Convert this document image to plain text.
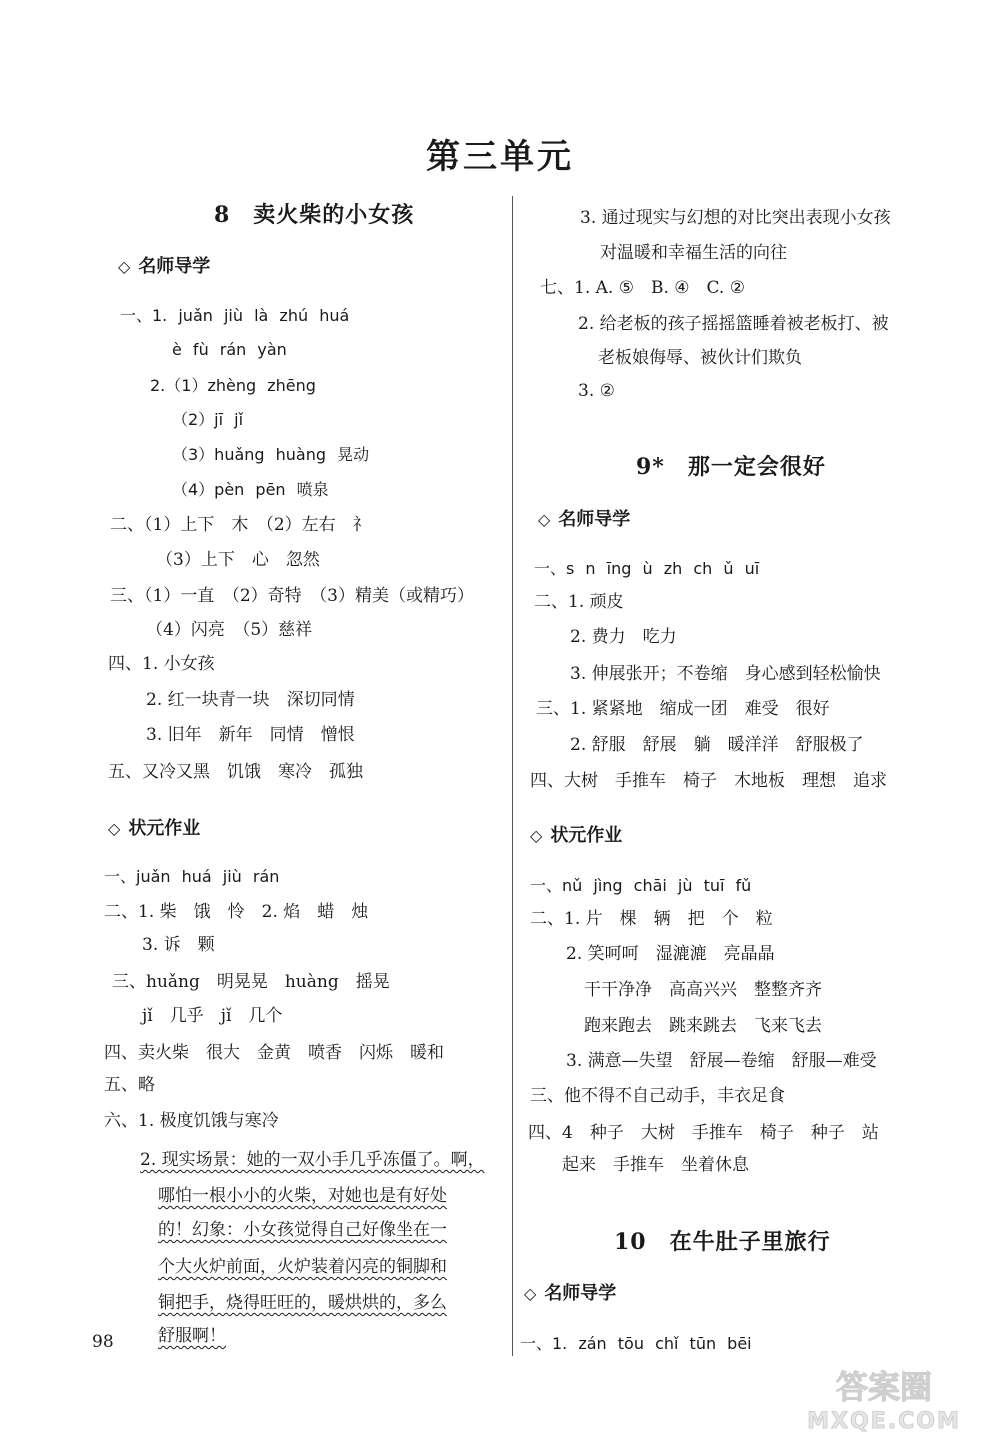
第三单元
8　卖火柴的小女孩
◇ 名师导学
一、1. juǎn jiù là zhú huá
è fù rán yàn
2.（1）zhèng zhēng
（2）jī jǐ
（3）huǎng huàng 晃动
（4）pèn pēn 喷泉
二、（1）上下　木　（2）左右　礻
（3）上下　心　忽然
三、（1）一直　（2）奇特　（3）精美（或精巧）
（4）闪亮　（5）慈祥
四、1. 小女孩
2. 红一块青一块　深切同情
3. 旧年　新年　同情　憎恨
五、又冷又黑　饥饿　寒冷　孤独
◇ 状元作业
一、juǎn huá jiù rán
二、1. 柴　饿　怜　2. 焰　蜡　烛
3. 诉　颗
三、huǎng　明晃晃　huàng　摇晃
jǐ　几乎　jǐ　几个
四、卖火柴　很大　金黄　喷香　闪烁　暖和
五、略
六、1. 极度饥饿与寒冷
2. 现实场景：她的一双小手几乎冻僵了。啊，
哪怕一根小小的火柴，对她也是有好处
的！幻象：小女孩觉得自己好像坐在一
个大火炉前面，火炉装着闪亮的铜脚和
铜把手，烧得旺旺的，暖烘烘的，多么
舒服啊！
98
3. 通过现实与幻想的对比突出表现小女孩
对温暖和幸福生活的向往
七、1. A. ⑤　B. ④　C. ②
2. 给老板的孩子摇摇篮睡着被老板打、被
老板娘侮辱、被伙计们欺负
3. ②
9*　那一定会很好
◇ 名师导学
一、s n īng ù zh ch ǔ uī
二、1. 顽皮
2. 费力　吃力
3. 伸展张开；不卷缩　身心感到轻松愉快
三、1. 紧紧地　缩成一团　难受　很好
2. 舒服　舒展　躺　暖洋洋　舒服极了
四、大树　手推车　椅子　木地板　理想　追求
◇ 状元作业
一、nǔ jìng chāi jù tuī fǔ
二、1. 片　棵　辆　把　个　粒
2. 笑呵呵　湿漉漉　亮晶晶
干干净净　高高兴兴　整整齐齐
跑来跑去　跳来跳去　飞来飞去
3. 满意—失望　舒展—卷缩　舒服—难受
三、他不得不自己动手，丰衣足食
四、4　种子　大树　手推车　椅子　种子　站
起来　手推车　坐着休息
10　在牛肚子里旅行
◇ 名师导学
一、1. zán tōu chǐ tūn bēi
答案圈
MXQE.COM
